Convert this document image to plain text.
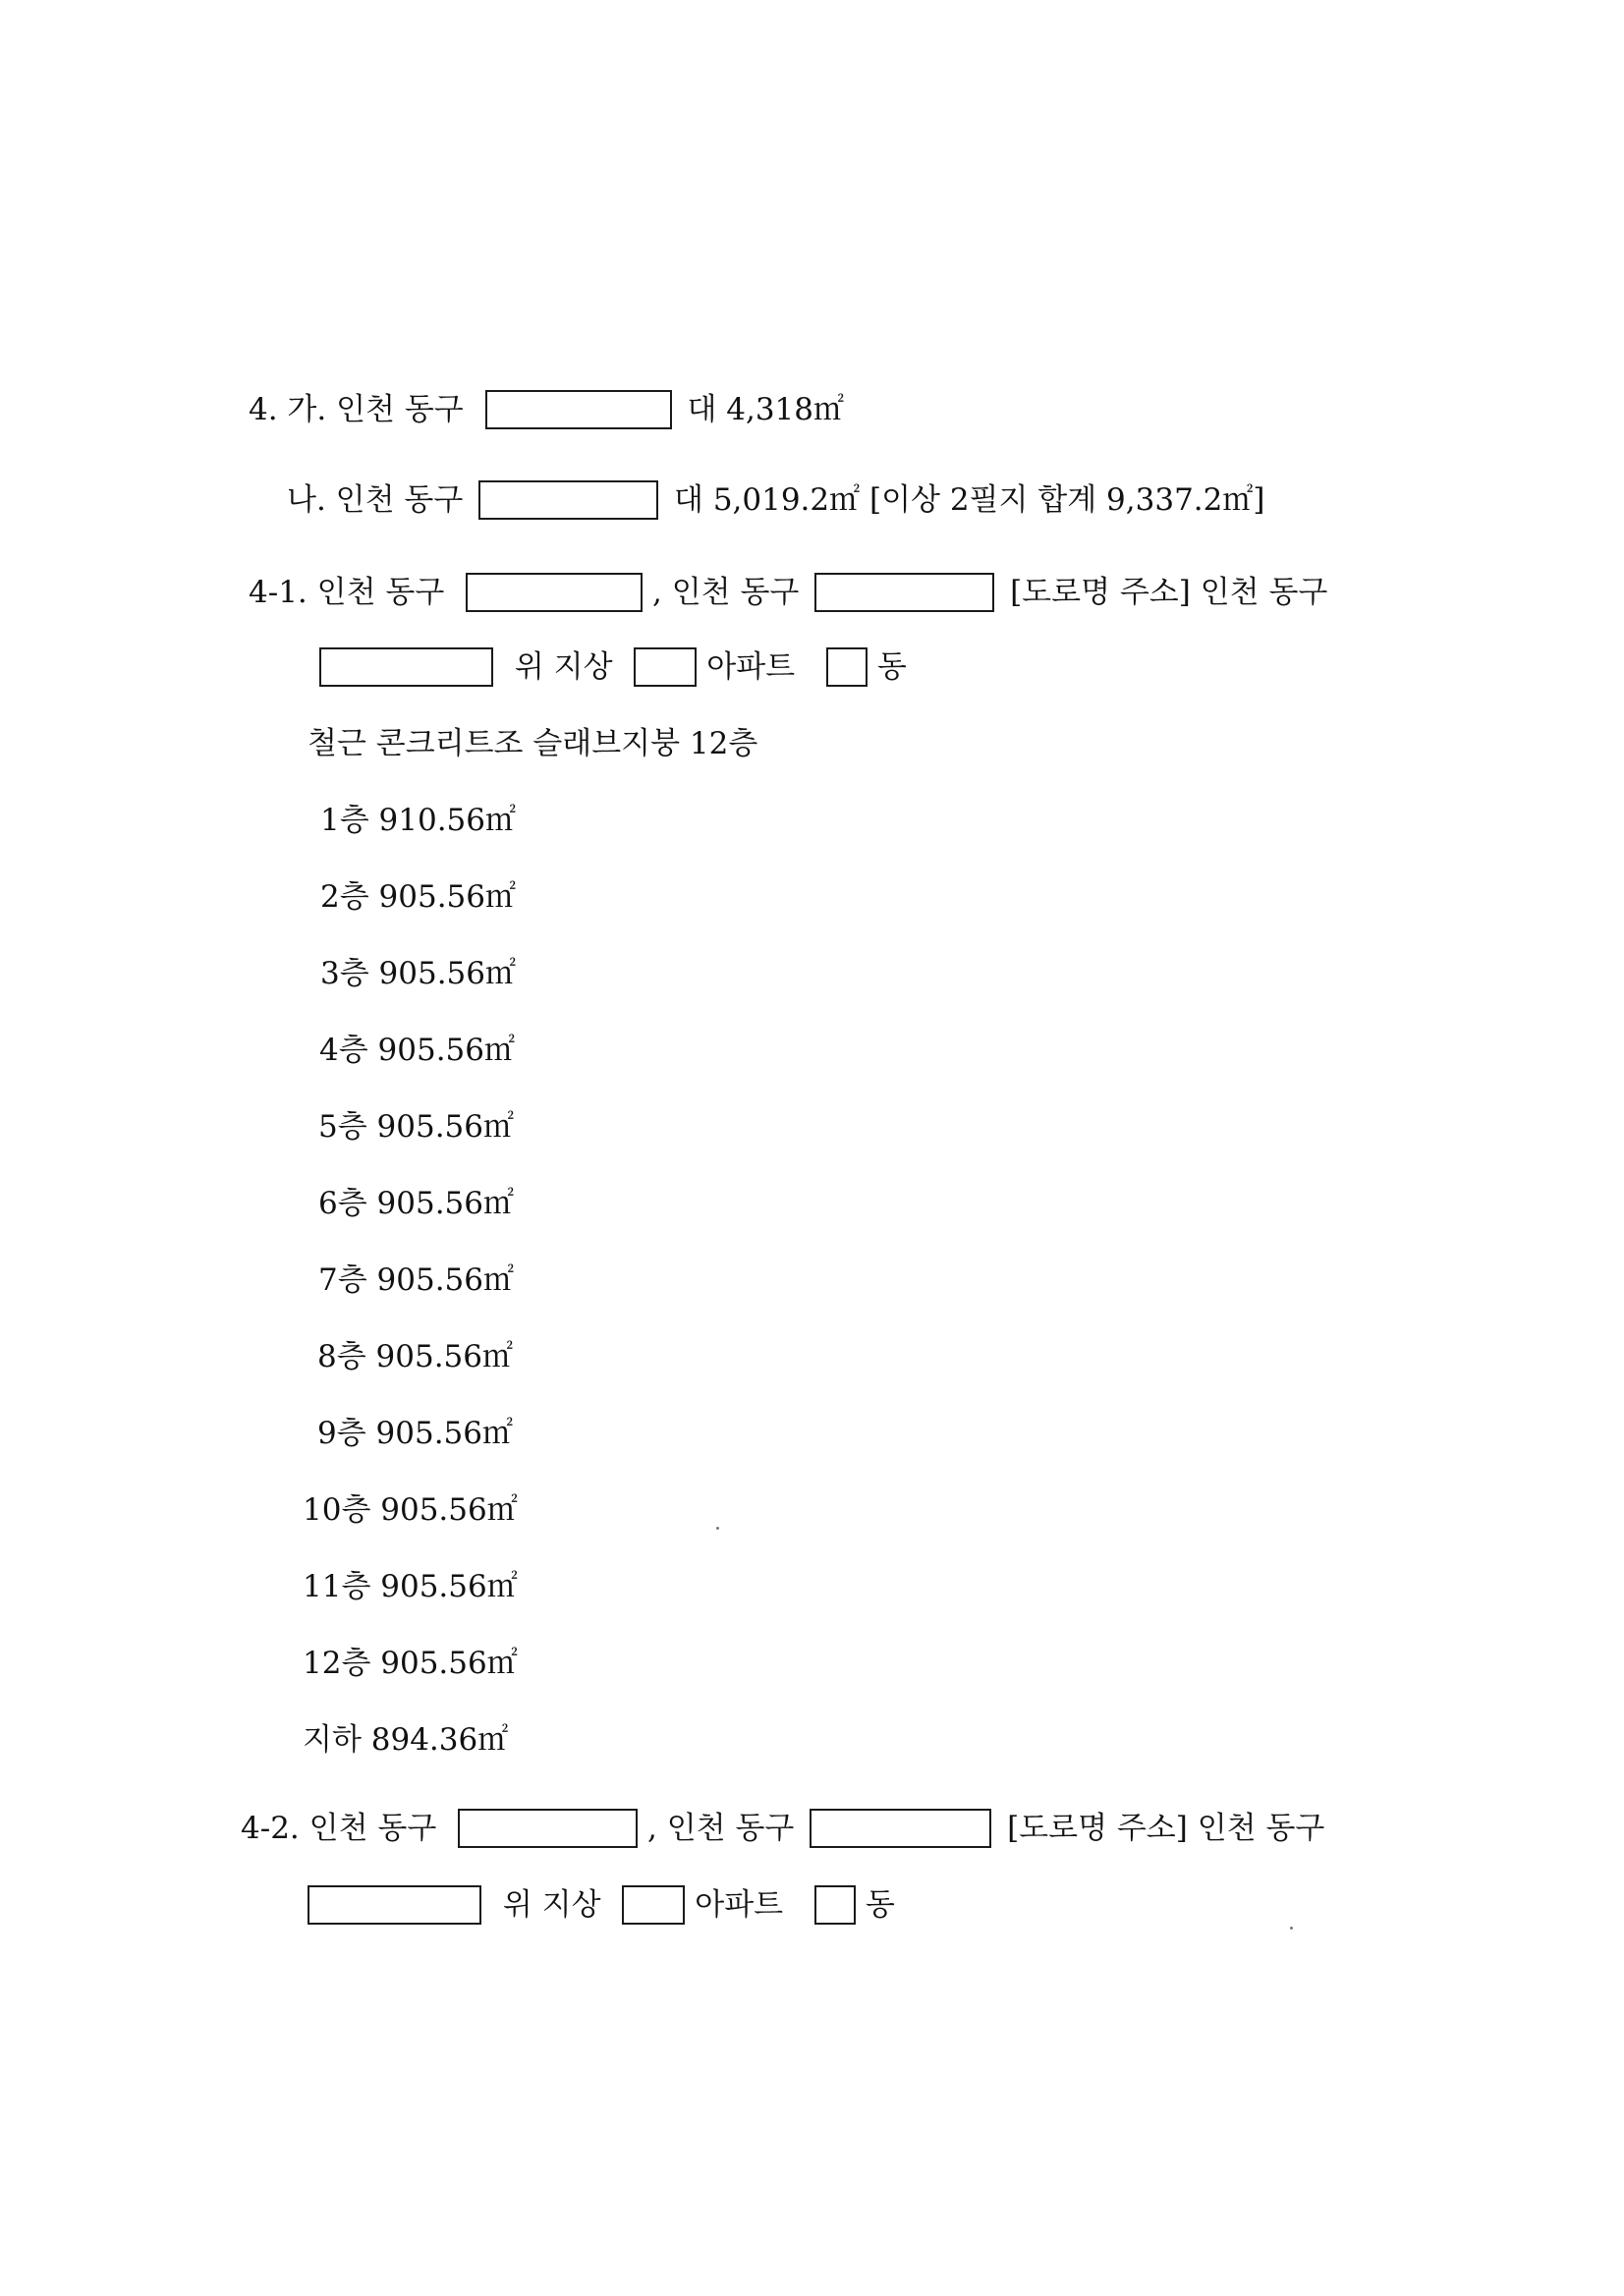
4. 가. 인천 동구	대 4,318㎡
나. 인천 동구	대 5,019.2㎡ [이상 2필지 합계 9,337.2㎡]
4-1. 인천 동구	, 인천 동구	[도로명 주소] 인천 동구
위 지상	아파트	동
철근 콘크리트조 슬래브지붕 12층
1층 910.56㎡
2층 905.56㎡
3층 905.56㎡
4층 905.56㎡
5층 905.56㎡
6층 905.56㎡
7층 905.56㎡
8층 905.56㎡
9층 905.56㎡
10층 905.56㎡
11층 905.56㎡
12층 905.56㎡
지하 894.36㎡
4-2. 인천 동구	, 인천 동구	[도로명 주소] 인천 동구
위 지상	아파트	동
